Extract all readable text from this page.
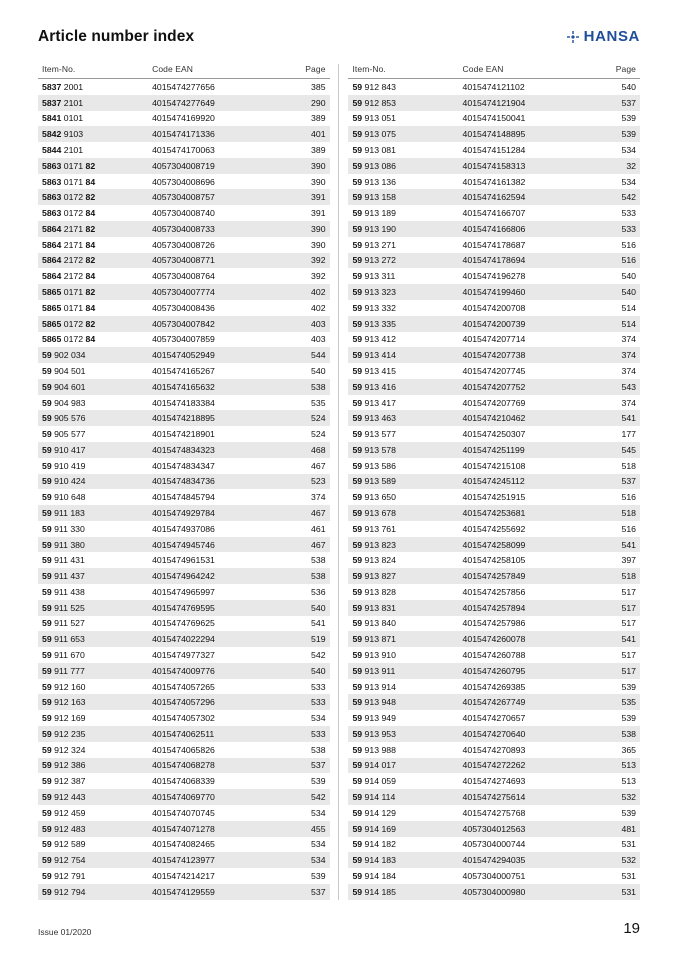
Article number index	HANSA
Item-No.	Code EAN	Page
5837 2001	4015474277656	385
5837 2101	4015474277649	290
5841 0101	4015474169920	389
5842 9103	4015474171336	401
5844 2101	4015474170063	389
5863 0171 82	4057304008719	390
5863 0171 84	4057304008696	390
5863 0172 82	4057304008757	391
5863 0172 84	4057304008740	391
5864 2171 82	4057304008733	390
5864 2171 84	4057304008726	390
5864 2172 82	4057304008771	392
5864 2172 84	4057304008764	392
5865 0171 82	4057304007774	402
5865 0171 84	4057304008436	402
5865 0172 82	4057304007842	403
5865 0172 84	4057304007859	403
59 902 034	4015474052949	544
59 904 501	4015474165267	540
59 904 601	4015474165632	538
59 904 983	4015474183384	535
59 905 576	4015474218895	524
59 905 577	4015474218901	524
59 910 417	4015474834323	468
59 910 419	4015474834347	467
59 910 424	4015474834736	523
59 910 648	4015474845794	374
59 911 183	4015474929784	467
59 911 330	4015474937086	461
59 911 380	4015474945746	467
59 911 431	4015474961531	538
59 911 437	4015474964242	538
59 911 438	4015474965997	536
59 911 525	4015474769595	540
59 911 527	4015474769625	541
59 911 653	4015474022294	519
59 911 670	4015474977327	542
59 911 777	4015474009776	540
59 912 160	4015474057265	533
59 912 163	4015474057296	533
59 912 169	4015474057302	534
59 912 235	4015474062511	533
59 912 324	4015474065826	538
59 912 386	4015474068278	537
59 912 387	4015474068339	539
59 912 443	4015474069770	542
59 912 459	4015474070745	534
59 912 483	4015474071278	455
59 912 589	4015474082465	534
59 912 754	4015474123977	534
59 912 791	4015474214217	539
59 912 794	4015474129559	537
Item-No.	Code EAN	Page
59 912 843	4015474121102	540
59 912 853	4015474121904	537
59 913 051	4015474150041	539
59 913 075	4015474148895	539
59 913 081	4015474151284	534
59 913 086	4015474158313	32
59 913 136	4015474161382	534
59 913 158	4015474162594	542
59 913 189	4015474166707	533
59 913 190	4015474166806	533
59 913 271	4015474178687	516
59 913 272	4015474178694	516
59 913 311	4015474196278	540
59 913 323	4015474199460	540
59 913 332	4015474200708	514
59 913 335	4015474200739	514
59 913 412	4015474207714	374
59 913 414	4015474207738	374
59 913 415	4015474207745	374
59 913 416	4015474207752	543
59 913 417	4015474207769	374
59 913 463	4015474210462	541
59 913 577	4015474250307	177
59 913 578	4015474251199	545
59 913 586	4015474215108	518
59 913 589	4015474245112	537
59 913 650	4015474251915	516
59 913 678	4015474253681	518
59 913 761	4015474255692	516
59 913 823	4015474258099	541
59 913 824	4015474258105	397
59 913 827	4015474257849	518
59 913 828	4015474257856	517
59 913 831	4015474257894	517
59 913 840	4015474257986	517
59 913 871	4015474260078	541
59 913 910	4015474260788	517
59 913 911	4015474260795	517
59 913 914	4015474269385	539
59 913 948	4015474267749	535
59 913 949	4015474270657	539
59 913 953	4015474270640	538
59 913 988	4015474270893	365
59 914 017	4015474272262	513
59 914 059	4015474274693	513
59 914 114	4015474275614	532
59 914 129	4015474275768	539
59 914 169	4057304012563	481
59 914 182	4057304000744	531
59 914 183	4015474294035	532
59 914 184	4057304000751	531
59 914 185	4057304000980	531
Issue 01/2020	19
